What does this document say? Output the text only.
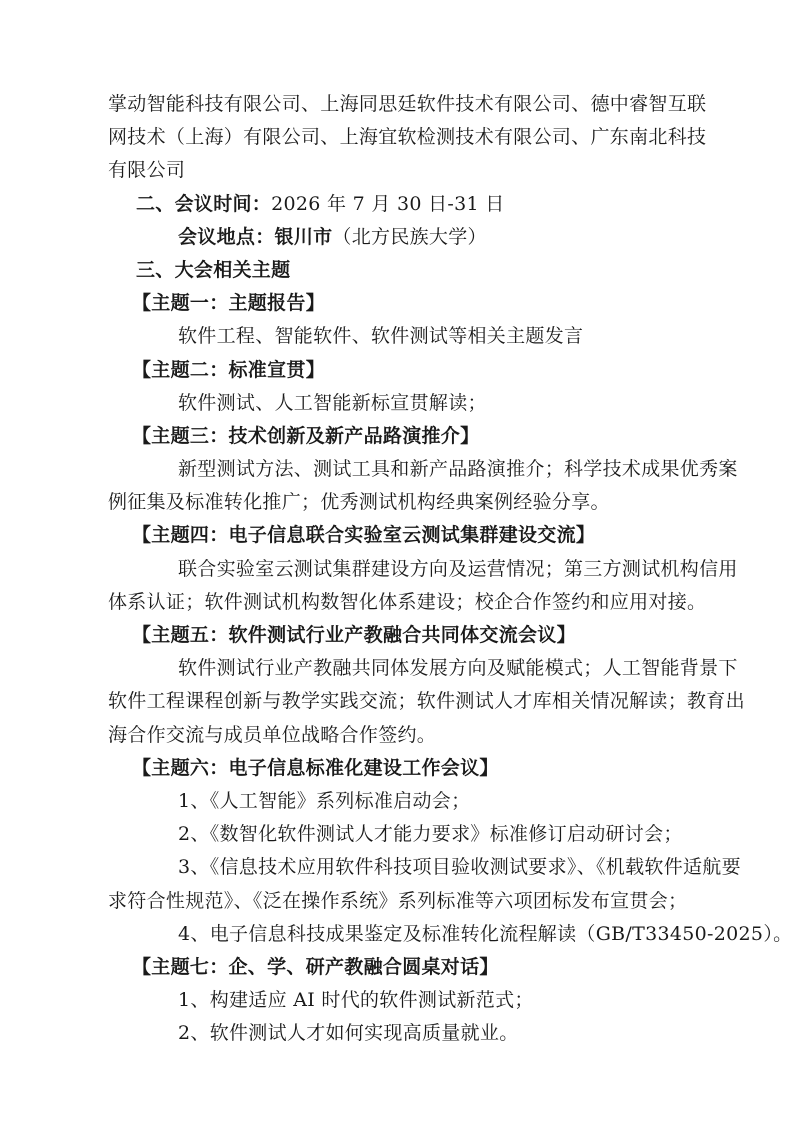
掌动智能科技有限公司、上海同思廷软件技术有限公司、德中睿智互联
网技术（上海）有限公司、上海宜软检测技术有限公司、广东南北科技
有限公司
二、会议时间：2026 年 7 月 30 日-31 日
会议地点：银川市（北方民族大学）
三、大会相关主题
【主题一：主题报告】
软件工程、智能软件、软件测试等相关主题发言
【主题二：标准宣贯】
软件测试、人工智能新标宣贯解读；
【主题三：技术创新及新产品路演推介】
新型测试方法、测试工具和新产品路演推介；科学技术成果优秀案
例征集及标准转化推广；优秀测试机构经典案例经验分享。
【主题四：电子信息联合实验室云测试集群建设交流】
联合实验室云测试集群建设方向及运营情况；第三方测试机构信用
体系认证；软件测试机构数智化体系建设；校企合作签约和应用对接。
【主题五：软件测试行业产教融合共同体交流会议】
软件测试行业产教融共同体发展方向及赋能模式；人工智能背景下
软件工程课程创新与教学实践交流；软件测试人才库相关情况解读；教育出
海合作交流与成员单位战略合作签约。
【主题六：电子信息标准化建设工作会议】
1、《人工智能》系列标准启动会；
2、《数智化软件测试人才能力要求》标准修订启动研讨会；
3、《信息技术应用软件科技项目验收测试要求》、《机载软件适航要
求符合性规范》、《泛在操作系统》系列标准等六项团标发布宣贯会；
4、电子信息科技成果鉴定及标准转化流程解读（GB/T33450-2025）。
【主题七：企、学、研产教融合圆桌对话】
1、构建适应 AI 时代的软件测试新范式；
2、软件测试人才如何实现高质量就业。
